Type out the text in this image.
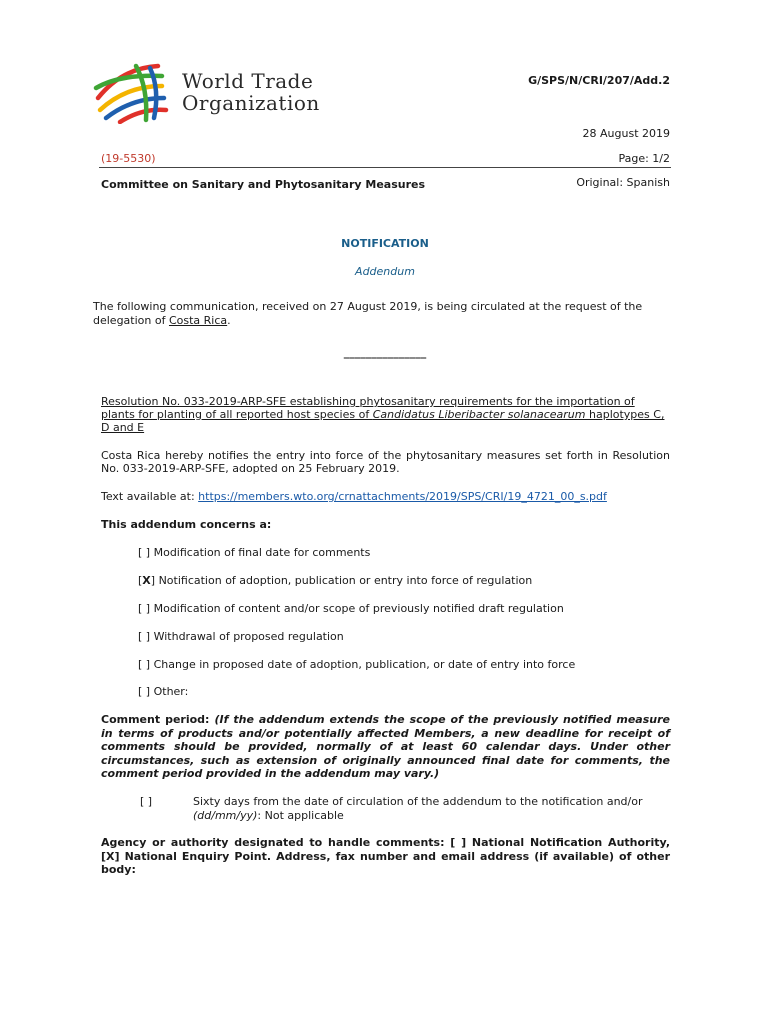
World Trade
Organization
G/SPS/N/CRI/207/Add.2
28 August 2019
(19-5530)	Page: 1/2
Committee on Sanitary and Phytosanitary Measures	Original: Spanish
NOTIFICATION
Addendum

The following communication, received on 27 August 2019, is being circulated at the request of the delegation of Costa Rica.

_______________

Resolution No. 033-2019-ARP-SFE establishing phytosanitary requirements for the importation of plants for planting of all reported host species of Candidatus Liberibacter solanacearum haplotypes C, D and E

Costa Rica hereby notifies the entry into force of the phytosanitary measures set forth in Resolution No. 033-2019-ARP-SFE, adopted on 25 February 2019.

Text available at: https://members.wto.org/crnattachments/2019/SPS/CRI/19_4721_00_s.pdf

This addendum concerns a:
[ ] Modification of final date for comments
[X] Notification of adoption, publication or entry into force of regulation
[ ] Modification of content and/or scope of previously notified draft regulation
[ ] Withdrawal of proposed regulation
[ ] Change in proposed date of adoption, publication, or date of entry into force
[ ] Other:

Comment period: (If the addendum extends the scope of the previously notified measure in terms of products and/or potentially affected Members, a new deadline for receipt of comments should be provided, normally of at least 60 calendar days. Under other circumstances, such as extension of originally announced final date for comments, the comment period provided in the addendum may vary.)

[ ]	Sixty days from the date of circulation of the addendum to the notification and/or
(dd/mm/yy): Not applicable

Agency or authority designated to handle comments: [ ] National Notification Authority, [X] National Enquiry Point. Address, fax number and email address (if available) of other body:
